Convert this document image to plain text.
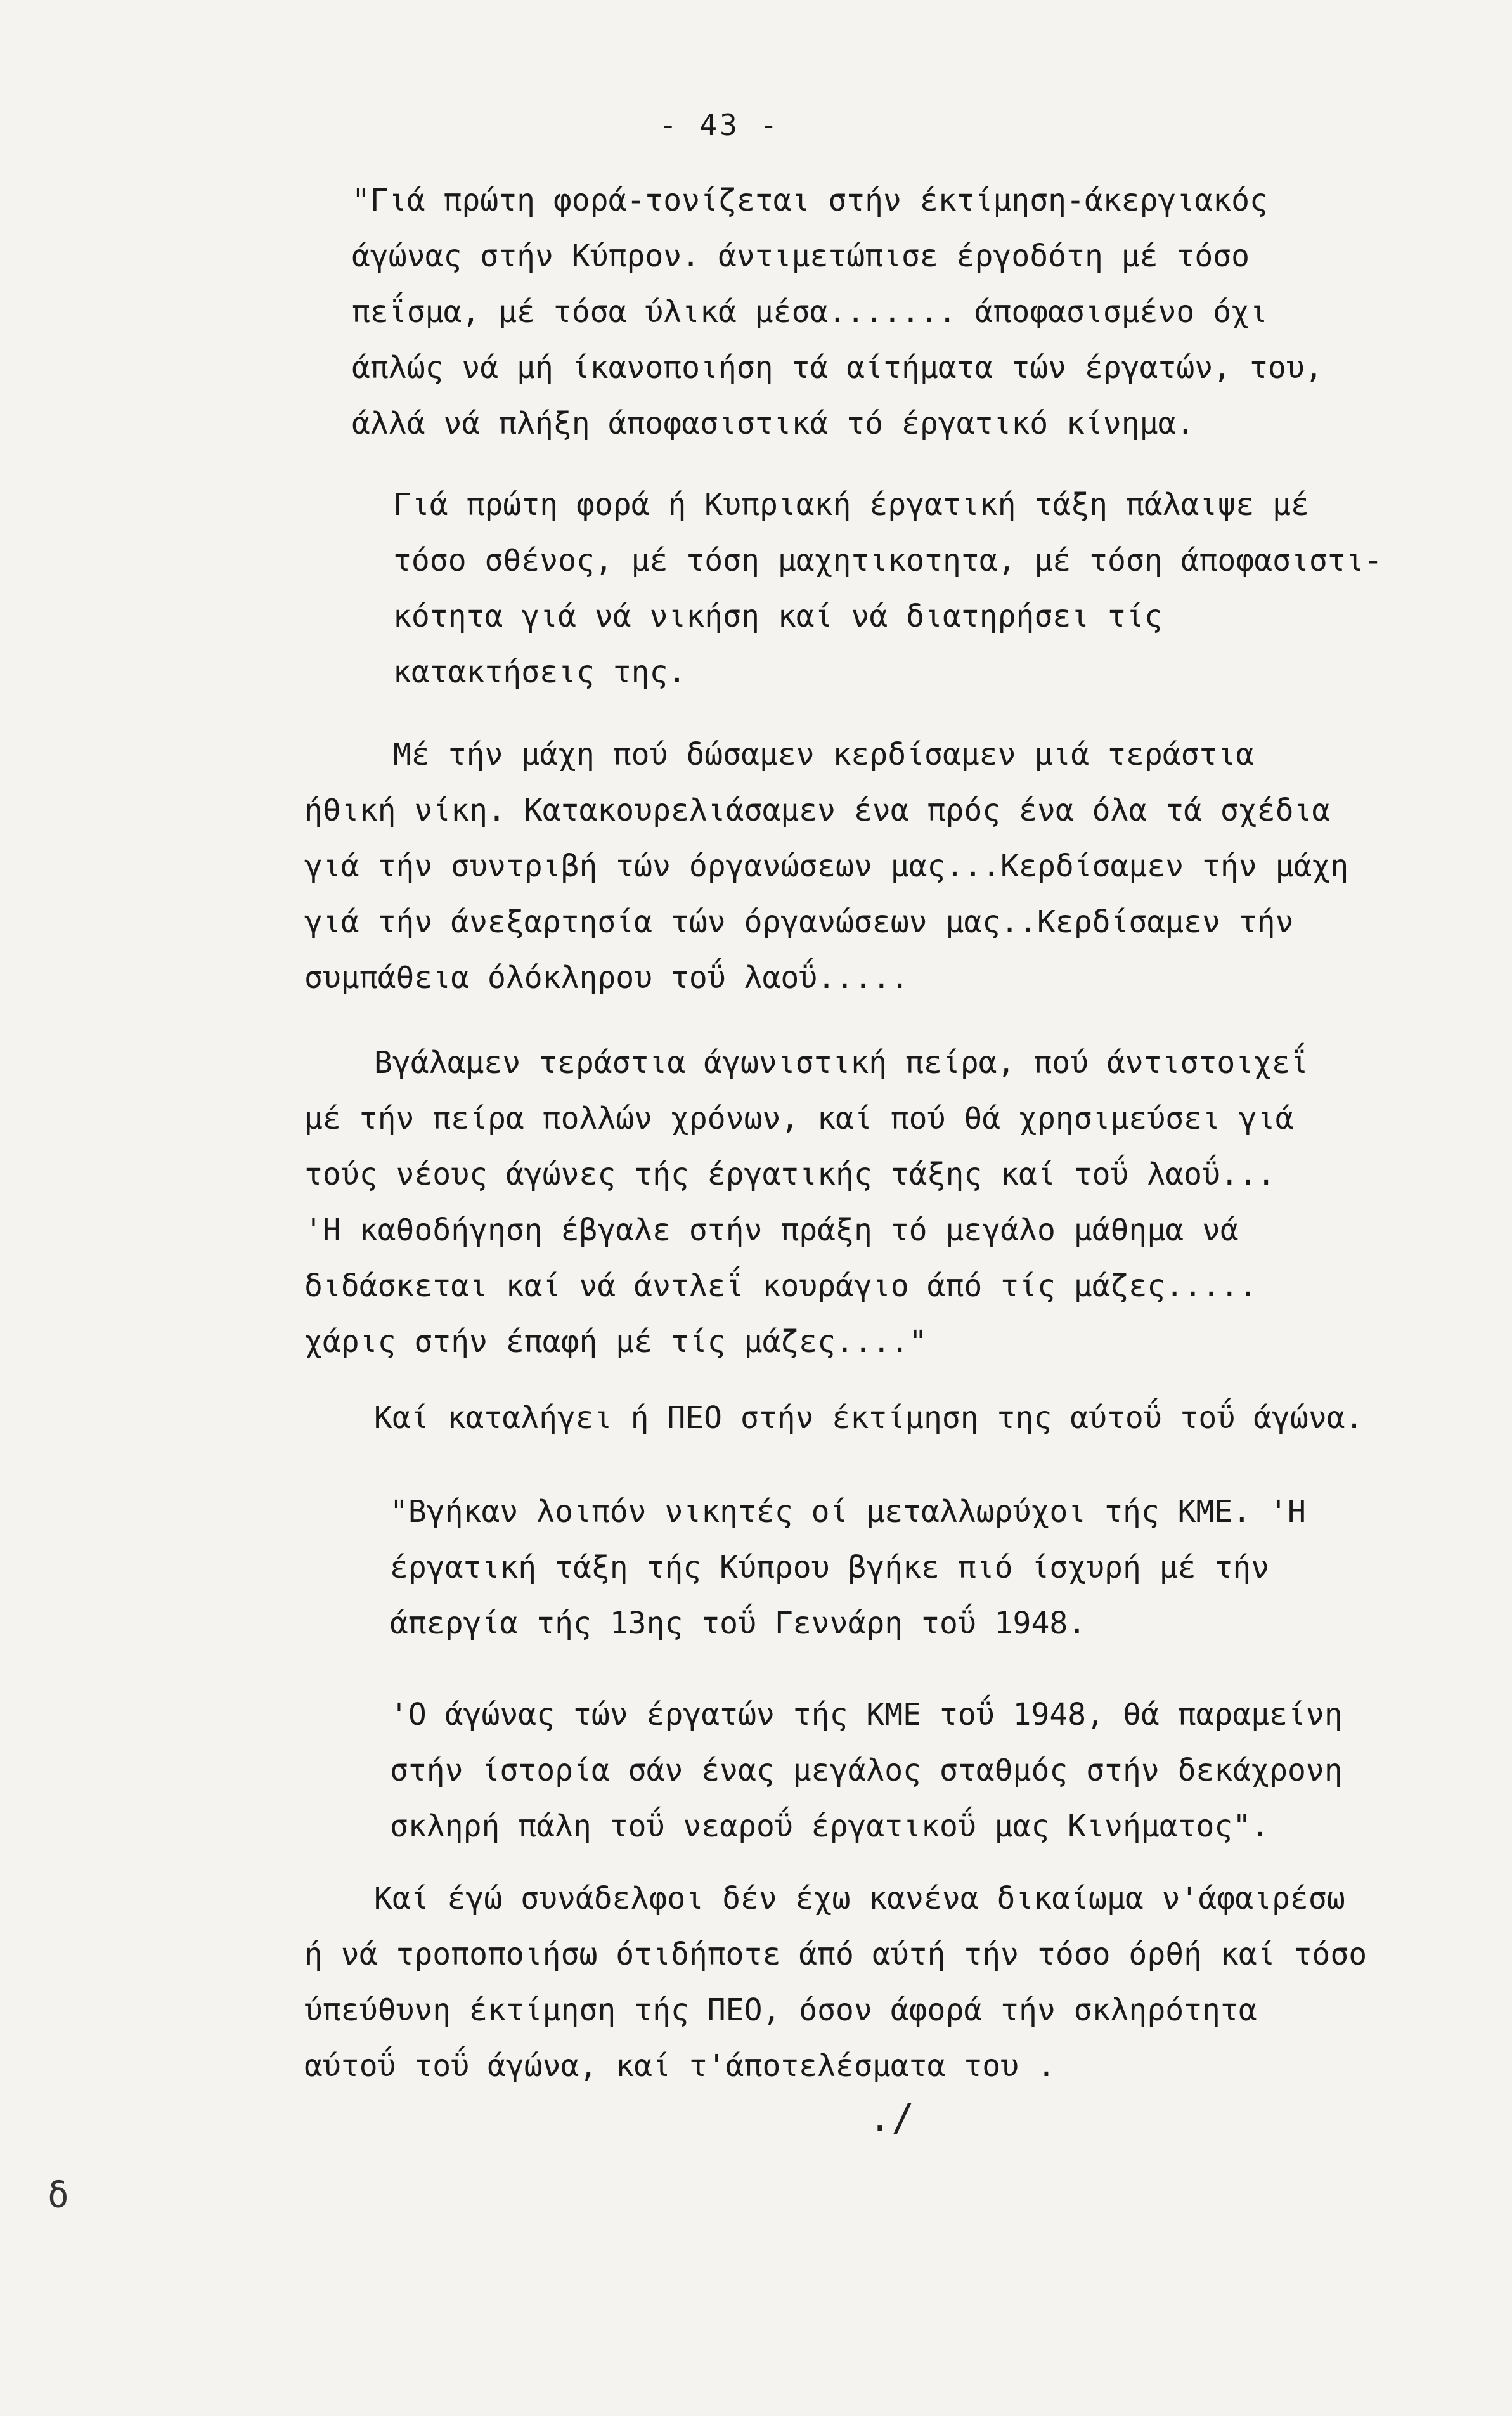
- 43 -
"Γιά πρώτη φορά-τονίζεται στήν έκτίμηση-άκεργιακός
άγώνας στήν Κύπρον. άντιμετώπισε έργοδότη μέ τόσο
πεΐσμα, μέ τόσα ύλικά μέσα....... άποφασισμένο όχι
άπλώς νά μή ίκανοποιήση τά αίτήματα τών έργατών, του,
άλλά νά πλήξη άποφασιστικά τό έργατικό κίνημα.
Γιά πρώτη φορά ή Κυπριακή έργατική τάξη πάλαιψε μέ
τόσο σθένος, μέ τόση μαχητικοτητα, μέ τόση άποφασιστι-
κότητα γιά νά νικήση καί νά διατηρήσει τίς
κατακτήσεις της.
Μέ τήν μάχη πού δώσαμεν κερδίσαμεν μιά τεράστια
ήθική νίκη. Κατακουρελιάσαμεν ένα πρός ένα όλα τά σχέδια
γιά τήν συντριβή τών όργανώσεων μας...Κερδίσαμεν τήν μάχη
γιά τήν άνεξαρτησία τών όργανώσεων μας..Κερδίσαμεν τήν
συμπάθεια όλόκληρου τοΰ λαοΰ.....
Βγάλαμεν τεράστια άγωνιστική πείρα, πού άντιστοιχεΐ
μέ τήν πείρα πολλών χρόνων, καί πού θά χρησιμεύσει γιά
τούς νέους άγώνες τής έργατικής τάξης καί τοΰ λαοΰ...
'Η καθοδήγηση έβγαλε στήν πράξη τό μεγάλο μάθημα νά
διδάσκεται καί νά άντλεΐ κουράγιο άπό τίς μάζες.....
χάρις στήν έπαφή μέ τίς μάζες...."
Καί καταλήγει ή ΠΕΟ στήν έκτίμηση της αύτοΰ τοΰ άγώνα.
"Βγήκαν λοιπόν νικητές οί μεταλλωρύχοι τής ΚΜΕ. 'Η
έργατική τάξη τής Κύπρου βγήκε πιό ίσχυρή μέ τήν
άπεργία τής 13ης τοΰ Γεννάρη τοΰ 1948.
'Ο άγώνας τών έργατών τής ΚΜΕ τοΰ 1948, θά παραμείνη
στήν ίστορία σάν ένας μεγάλος σταθμός στήν δεκάχρονη
σκληρή πάλη τοΰ νεαροΰ έργατικοΰ μας Κινήματος".
Καί έγώ συνάδελφοι δέν έχω κανένα δικαίωμα ν'άφαιρέσω
ή νά τροποποιήσω ότιδήποτε άπό αύτή τήν τόσο όρθή καί τόσο
ύπεύθυνη έκτίμηση τής ΠΕΟ, όσον άφορά τήν σκληρότητα
αύτοΰ τοΰ άγώνα, καί τ'άποτελέσματα του .
./
δ
